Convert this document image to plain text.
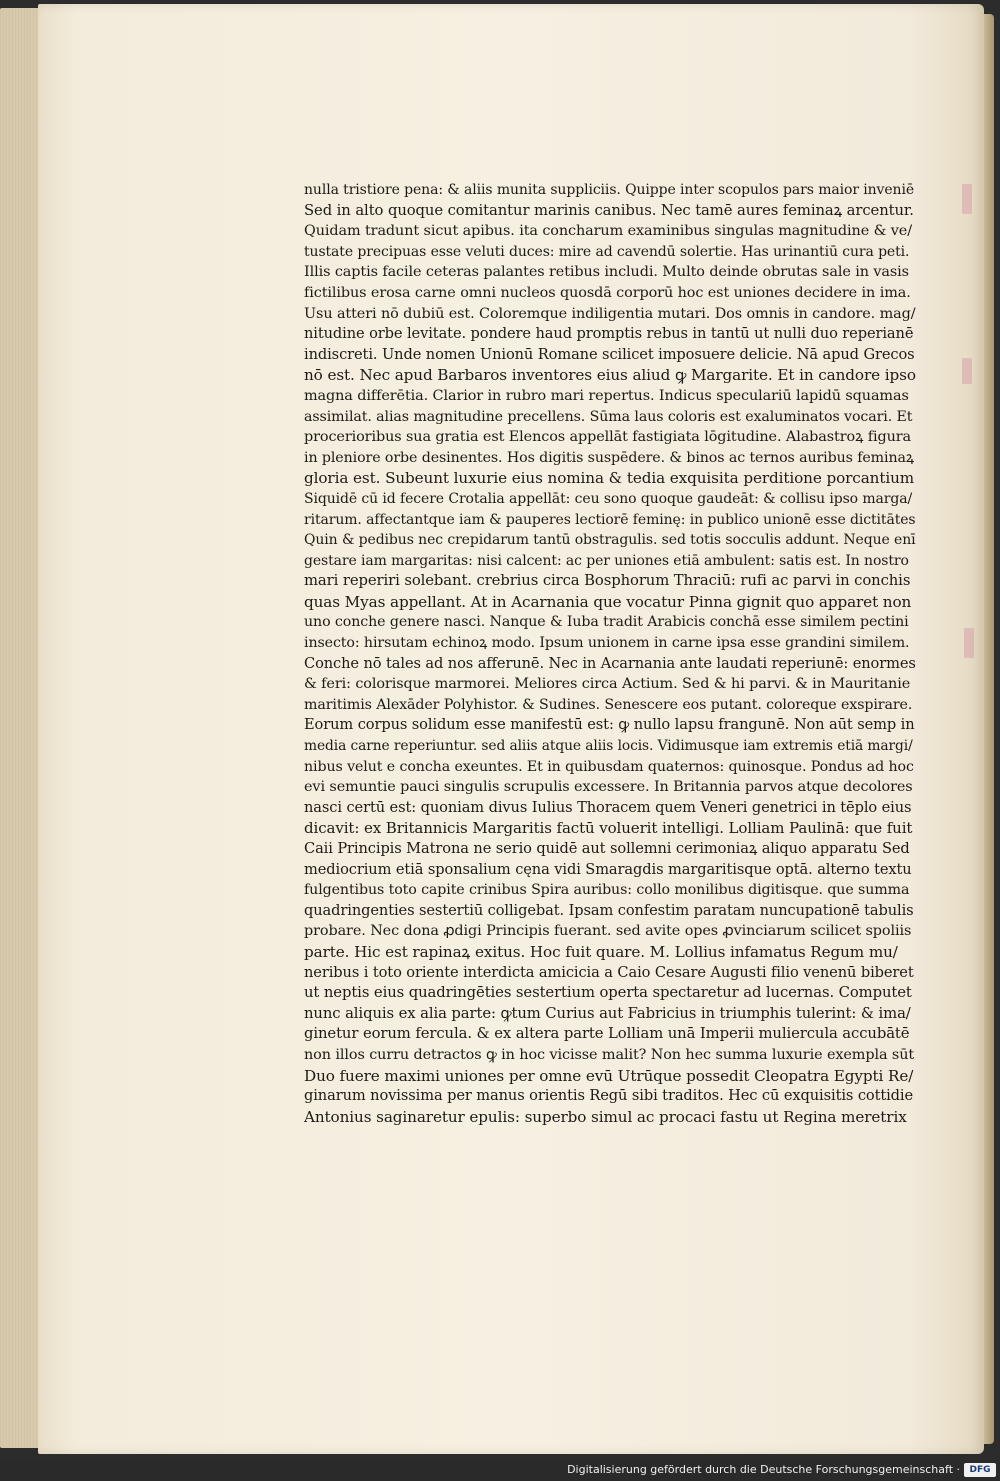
nulla tristiore pena: & aliis munita suppliciis. Quippe inter scopulos pars maior inveniē
Sed in alto quoque comitantur marinis canibus. Nec tamē aures feminaꝝ arcentur.
Quidam tradunt sicut apibus. ita concharum examinibus singulas magnitudine & ve/
tustate precipuas esse veluti duces: mire ad cavendū solertie. Has urinantiū cura peti.
Illis captis facile ceteras palantes retibus includi. Multo deinde obrutas sale in vasis
fictilibus erosa carne omni nucleos quosdā corporū hoc est uniones decidere in ima.
Usu atteri nō dubiū est. Coloremque indiligentia mutari. Dos omnis in candore. mag/
nitudine orbe levitate. pondere haud promptis rebus in tantū ut nulli duo reperianē
indiscreti. Unde nomen Unionū Romane scilicet imposuere delicie. Nā apud Grecos
nō est. Nec apud Barbaros inventores eius aliud ꝙ Margarite. Et in candore ipso
magna differētia. Clarior in rubro mari repertus. Indicus speculariū lapidū squamas
assimilat. alias magnitudine precellens. Sūma laus coloris est exaluminatos vocari. Et
procerioribus sua gratia est Elencos appellāt fastigiata lōgitudine. Alabastroꝝ figura
in pleniore orbe desinentes. Hos digitis suspēdere. & binos ac ternos auribus feminaꝝ
gloria est. Subeunt luxurie eius nomina & tedia exquisita perditione porcantium
Siquidē cū id fecere Crotalia appellāt: ceu sono quoque gaudeāt: & collisu ipso marga/
ritarum. affectantque iam & pauperes lectiorē feminę: in publico unionē esse dictitātes
Quin & pedibus nec crepidarum tantū obstragulis. sed totis socculis addunt. Neque enī
gestare iam margaritas: nisi calcent: ac per uniones etiā ambulent: satis est. In nostro
mari reperiri solebant. crebrius circa Bosphorum Thraciū: rufi ac parvi in conchis
quas Myas appellant. At in Acarnania que vocatur Pinna gignit quo apparet non
uno conche genere nasci. Nanque & Iuba tradit Arabicis conchā esse similem pectini
insecto: hirsutam echinoꝝ modo. Ipsum unionem in carne ipsa esse grandini similem.
Conche nō tales ad nos afferunē. Nec in Acarnania ante laudati reperiunē: enormes
& feri: colorisque marmorei. Meliores circa Actium. Sed & hi parvi. & in Mauritanie
maritimis Alexāder Polyhistor. & Sudines. Senescere eos putant. coloreque exspirare.
Eorum corpus solidum esse manifestū est: ꝙ nullo lapsu frangunē. Non aūt semp in
media carne reperiuntur. sed aliis atque aliis locis. Vidimusque iam extremis etiā margi/
nibus velut e concha exeuntes. Et in quibusdam quaternos: quinosque. Pondus ad hoc
evi semuntie pauci singulis scrupulis excessere. In Britannia parvos atque decolores
nasci certū est: quoniam divus Iulius Thoracem quem Veneri genetrici in tēplo eius
dicavit: ex Britannicis Margaritis factū voluerit intelligi. Lolliam Paulinā: que fuit
Caii Principis Matrona ne serio quidē aut sollemni cerimoniaꝝ aliquo apparatu Sed
mediocrium etiā sponsalium cęna vidi Smaragdis margaritisque optā. alterno textu
fulgentibus toto capite crinibus Spira auribus: collo monilibus digitisque. que summa
quadringenties sestertiū colligebat. Ipsam confestim paratam nuncupationē tabulis
probare. Nec dona ꝓdigi Principis fuerant. sed avite opes ꝓvinciarum scilicet spoliis
parte. Hic est rapinaꝝ exitus. Hoc fuit quare. M. Lollius infamatus Regum mu/
neribus i toto oriente interdicta amicicia a Caio Cesare Augusti filio venenū biberet
ut neptis eius quadringēties sestertium operta spectaretur ad lucernas. Computet
nunc aliquis ex alia parte: ꝙtum Curius aut Fabricius in triumphis tulerint: & ima/
ginetur eorum fercula. & ex altera parte Lolliam unā Imperii muliercula accubātē
non illos curru detractos ꝙ in hoc vicisse malit? Non hec summa luxurie exempla sūt
Duo fuere maximi uniones per omne evū Utrūque possedit Cleopatra Egypti Re/
ginarum novissima per manus orientis Regū sibi traditos. Hec cū exquisitis cottidie
Antonius saginaretur epulis: superbo simul ac procaci fastu ut Regina meretrix
Digitalisierung gefördert durch die Deutsche Forschungsgemeinschaft ·	DFG
